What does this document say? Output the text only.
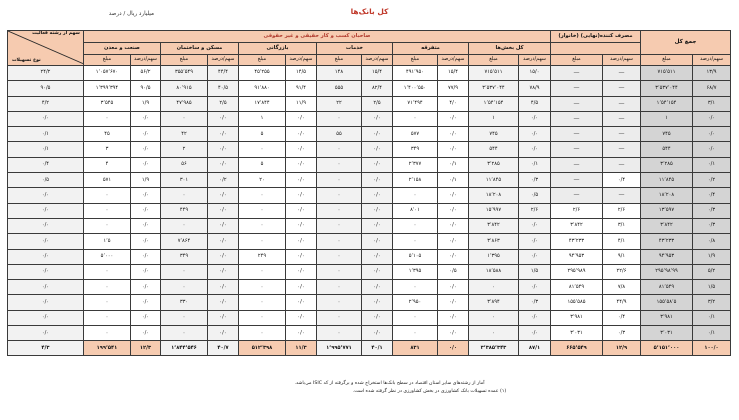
کل بانک‌ها
میلیارد ریال / درصد
جمع کل		مصرف کننده‌(نهایی) (خانوار)		صاحبان کسب و کار حقیقی و غیر حقوقی												سهم از رشته فعالیت
نوع تسهیلات	

				کل بخش‌ها		متفرقه		خدمات		بازرگانی		مسکن و ساختمان		صنعت و معدن	
سهم/درصد	مبلغ	سهم/درصد	مبلغ	سهم/درصد	مبلغ	سهم/درصد	مبلغ	سهم/درصد	مبلغ	سهم/درصد	مبلغ	سهم/درصد	مبلغ	سهم/درصد	مبلغ		
۱۳/۹	۷۱۵٬۵۱۱	—	—	۱۵/۰	۷۱۵٬۵۱۱	۱۵/۴	۴۹۱٬۹۵۰	۱۵/۴	۱۴۸	۱۴/۵	۴۵٬۲۵۵	۴۴/۴	۳۵۵٬۵۴۹	۵۶/۲	۱٬۰۵۷٬۶۷۰	۲۴/۲		
۶۸/۷	۳٬۵۳۷٬۰۴۴	—	—	۷۸/۹	۳٬۵۳۷٬۰۴۴	۷۷/۹	۱٬۴۰۰٬۵۵۰	۸۲/۴	۵۵۵	۹۱/۴	۹۱٬۸۸۰	۴۰/۵	۸۰٬۹۱۵	۹۰/۵	۱٬۳۹۹٬۳۹۴	۹۰/۵		
۳/۱	۱٬۵۴٬۱۵۴	—	—	۴/۵	۱٬۵۴٬۱۵۴	۴/۰	۷۱٬۴۹۴	۲/۵	۲۲	۱۱/۹	۱۷٬۸۴۴	۲/۵	۴۷٬۹۸۵	۱/۹	۳٬۵۴۵	۴/۲		
۰/۰	۱	—	—	۰/۰	۱	۰/۰	۰	۰/۰	۰	۰/۰	۱	۰/۰	۰	۰/۰	۰	۰/۰		
۰/۰	۷۴۵	—	—	۰/۰	۷۴۵	۰/۰	۵۷۷	۰/۰	۵۵	۰/۰	۵	۰/۰	۴۲	۰/۰	۴۵	۰/۱		
۰/۰	۵۴۴	—	—	۰/۰	۵۴۴	۰/۰	۳۴۹	۰/۰	۰	۰/۰	۰	۰/۰	۲	۰/۰	۳	۰/۱		
۰/۱	۳٬۲۸۵	—	—	۰/۱	۳٬۲۸۵	۰/۱	۲٬۳۷۷	۰/۰	۰	۰/۰	۵	۰/۰	۵۶	۰/۰	۴	۰/۴		
۰/۲	۱۱٬۸۴۵	۰/۴	—	۰/۳	۱۱٬۸۴۵	۰/۱	۲٬۱۵۸	۰/۰	۰	۰/۰	۲۰	۰/۲	۳۰۱	۱/۹	۵۷۱	۰/۵		
۰/۴	۱۸٬۲۰۸	—	—	۰/۵	۱۸٬۲۰۸	۰/۰	۰	۰/۰	۰	۰/۰	۰	۰/۰	۰	۰/۰	۰	۰/۰		
۰/۳	۱۳٬۵۹۷	۲/۶	۲/۶	۲/۶	۱۵٬۹۹۷	۰/۰	۸٬۰۱	۰/۰	۰	۰/۰	۰	۰/۰	۴۴۹	۰/۰	۰	۰/۰		
۰/۳	۳٬۸۴۲	۳/۱	۳٬۸۴۲	۰/۰	۳٬۸۴۲	۰/۰	۰	۰/۰	۰	۰/۰	۰	۰/۰	۰	۰/۰	۰	۰/۰		
۰/۸	۴۳٬۲۳۳	۴/۱	۴۳٬۲۳۳	۰/۰	۳٬۸۶۳	۰/۰	۰	۰/۰	۰	۰/۰	۰	۰/۰	۷٬۸۶۴	۰/۰	۱٬۵	۰/۰		
۱/۹	۹۴٬۹۵۳	۹/۱	۹۴٬۹۵۳	۰/۰	۱٬۳۹۵	۰/۰	۵٬۱۰۵	۰/۰	۰	۰/۰	۲۴۹	۰/۰	۳۴۹	۰/۰	۵٬۰۰۰	۰/۰		
۵/۲	۲۹۵٬۹۸٬۹۹	۲۲/۶	۲۹۵٬۹۸۹	۱/۵	۱۸٬۵۸۸	۰/۵	۱٬۳۹۵	۰/۰	۰	۰/۰	۰	۰/۰	۰	۰/۰	۰	۰/۰		
۱/۵	۸۱٬۵۴۹	۷/۸	۸۱٬۵۴۹	۰/۰	۰	۰/۰	۰	۰/۰	۰	۰/۰	۰	۰/۰	۰	۰/۰	۰	۰/۰		
۳/۲	۱۵۵٬۵۸٬۵	۴۴/۹	۱۵۵٬۵۸۵	۰/۳	۳٬۸۹۴	۰/۰	۲٬۹۵۰	۰/۰	۰	۰/۰	۰	۰/۰	۳۳۰	۰/۰	۰	۰/۰		
۰/۱	۳٬۹۸۱	۰/۴	۳٬۹۸۱	۰/۰	۰	۰/۰	۰	۰/۰	۰	۰/۰	۰	۰/۰	۰	۰/۰	۰	۰/۰		
۰/۱	۳٬۰۳۱	۰/۳	۳٬۰۳۱	۰/۰	۰	۰/۰	۰	۰/۰	۰	۰/۰	۰	۰/۰	۰	۰/۰	۰	۰/۰		
۱۰۰/۰	۵٬۱۵۱٬۰۰۰	۱۲/۹	۶۶۵٬۵۴۹	۸۷/۱	۳٬۳۸۵٬۳۴۳	۰/۰	۸۳۱	۴۰/۱	۱٬۹۹۵٬۷۷۱	۱۱/۳	۵۱۲٬۳۹۸	۴۰/۷	۱٬۸۴۴٬۵۴۶	۱۲/۳	۱۹۹٬۵۴۱	۴/۳		

آمار از رشته‌های سایر استان اقتصاد در سطح بانک‌ها استخراج شده و برگرفته از کد ISIC می‌باشد.

(۱) عمده تسهیلات بانک کشاورزی در بخش کشاورزی در نظر گرفته شده است.
